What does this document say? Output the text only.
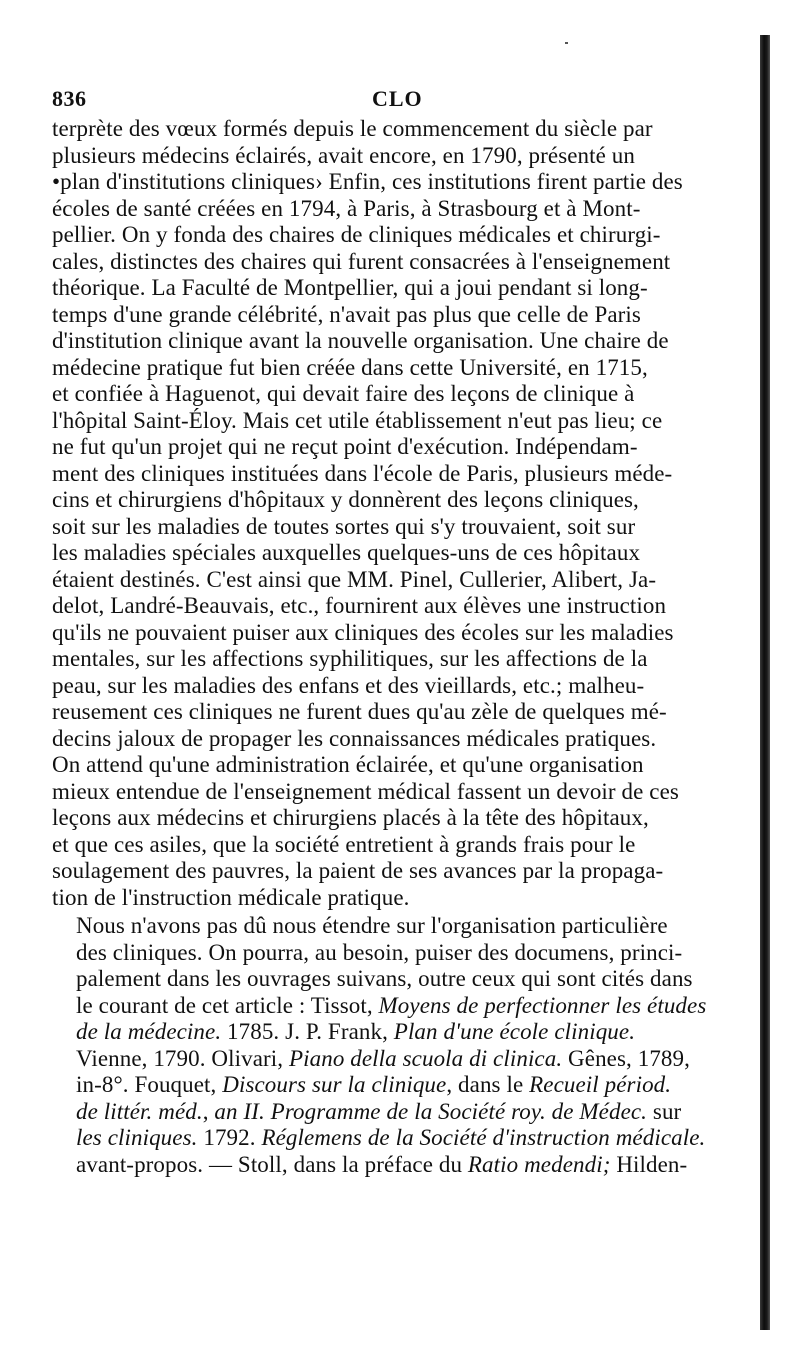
836	CLO

terprète des vœux formés depuis le commencement du siècle par
plusieurs médecins éclairés, avait encore, en 1790, présenté un
•plan d'institutions cliniques› Enfin, ces institutions firent partie des
écoles de santé créées en 1794, à Paris, à Strasbourg et à Mont-
pellier. On y fonda des chaires de cliniques médicales et chirurgi-
cales, distinctes des chaires qui furent consacrées à l'enseignement
théorique. La Faculté de Montpellier, qui a joui pendant si long-
temps d'une grande célébrité, n'avait pas plus que celle de Paris
d'institution clinique avant la nouvelle organisation. Une chaire de
médecine pratique fut bien créée dans cette Université, en 1715,
et confiée à Haguenot, qui devait faire des leçons de clinique à
l'hôpital Saint-Éloy. Mais cet utile établissement n'eut pas lieu; ce
ne fut qu'un projet qui ne reçut point d'exécution. Indépendam-
ment des cliniques instituées dans l'école de Paris, plusieurs méde-
cins et chirurgiens d'hôpitaux y donnèrent des leçons cliniques,
soit sur les maladies de toutes sortes qui s'y trouvaient, soit sur
les maladies spéciales auxquelles quelques-uns de ces hôpitaux
étaient destinés. C'est ainsi que MM. Pinel, Cullerier, Alibert, Ja-
delot, Landré-Beauvais, etc., fournirent aux élèves une instruction
qu'ils ne pouvaient puiser aux cliniques des écoles sur les maladies
mentales, sur les affections syphilitiques, sur les affections de la
peau, sur les maladies des enfans et des vieillards, etc.; malheu-
reusement ces cliniques ne furent dues qu'au zèle de quelques mé-
decins jaloux de propager les connaissances médicales pratiques.
On attend qu'une administration éclairée, et qu'une organisation
mieux entendue de l'enseignement médical fassent un devoir de ces
leçons aux médecins et chirurgiens placés à la tête des hôpitaux,
et que ces asiles, que la société entretient à grands frais pour le
soulagement des pauvres, la paient de ses avances par la propaga-
tion de l'instruction médicale pratique.

Nous n'avons pas dû nous étendre sur l'organisation particulière
des cliniques. On pourra, au besoin, puiser des documens, princi-
palement dans les ouvrages suivans, outre ceux qui sont cités dans
le courant de cet article : Tissot, Moyens de perfectionner les études
de la médecine. 1785. J. P. Frank, Plan d'une école clinique.
Vienne, 1790. Olivari, Piano della scuola di clinica. Gênes, 1789,
in-8°. Fouquet, Discours sur la clinique, dans le Recueil périod.
de littér. méd., an II. Programme de la Société roy. de Médec. sur
les cliniques. 1792. Réglemens de la Société d'instruction médicale.
avant-propos. — Stoll, dans la préface du Ratio medendi; Hilden-
